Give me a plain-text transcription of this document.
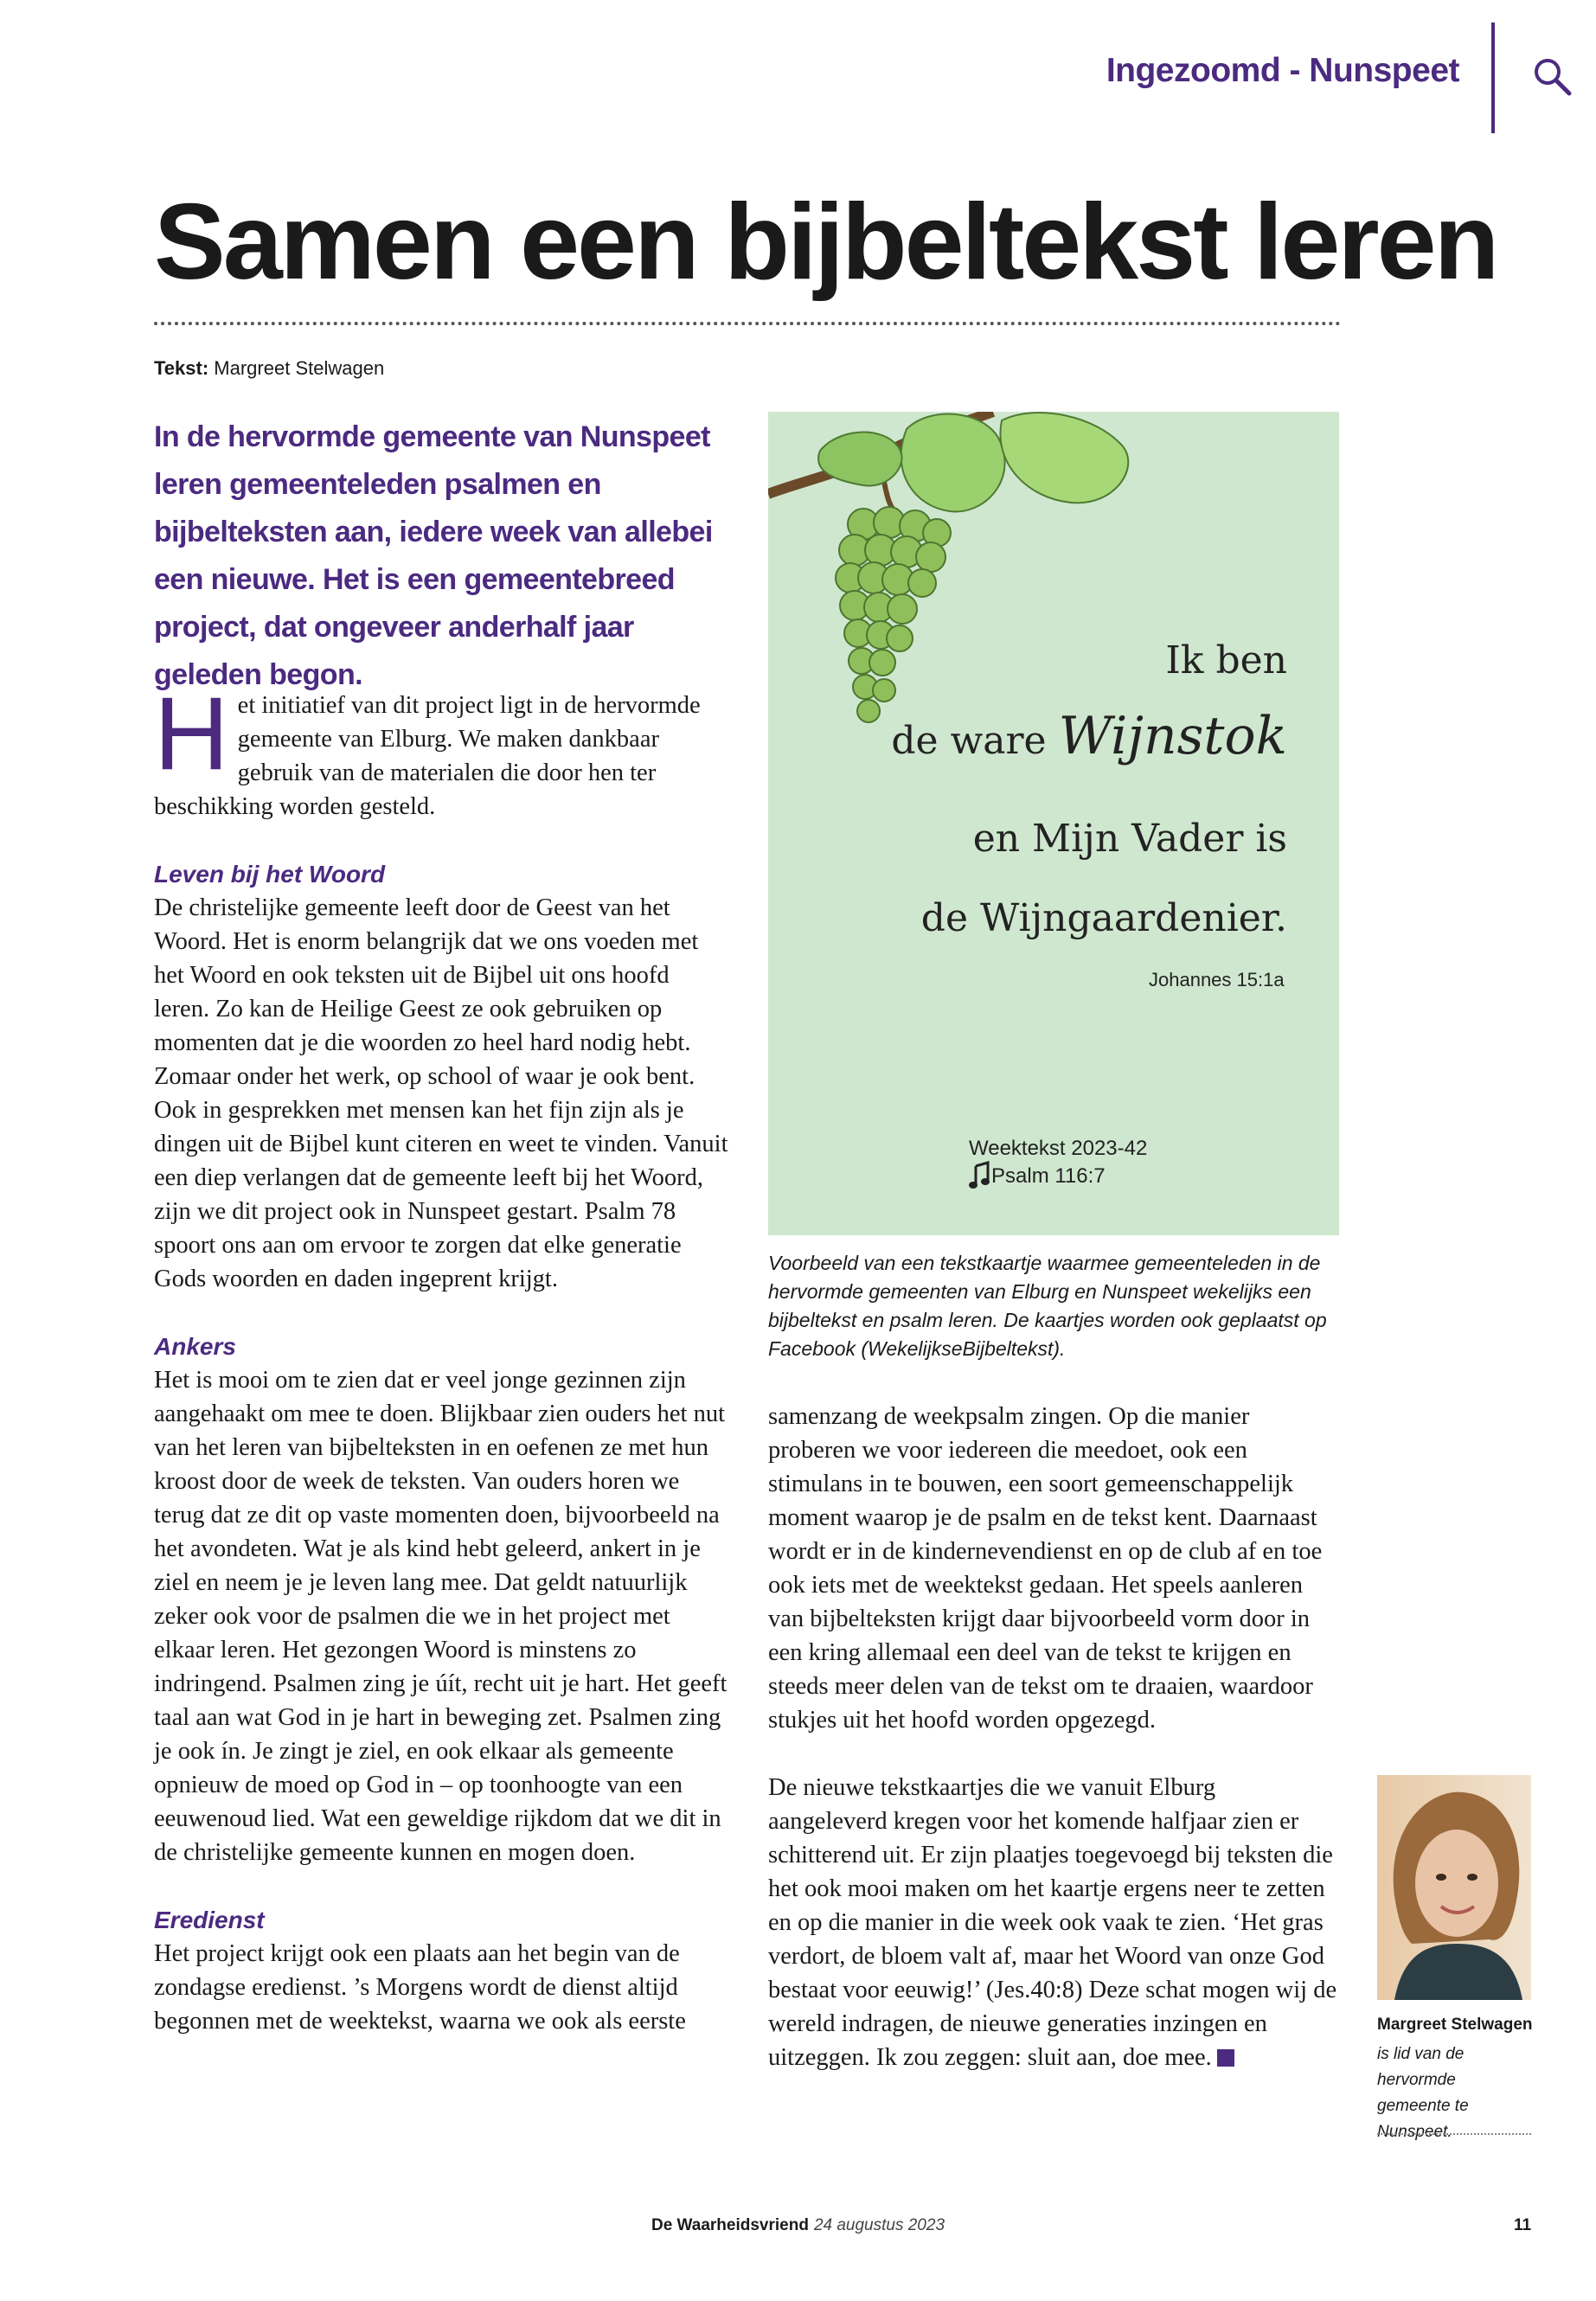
Ingezoomd - Nunspeet
Samen een bijbeltekst leren
Tekst: Margreet Stelwagen

In de hervormde gemeente van Nunspeet leren gemeenteleden psalmen en bijbelteksten aan, iedere week van allebei een nieuwe. Het is een gemeentebreed project, dat ongeveer anderhalf jaar geleden begon.

Het initiatief van dit project ligt in de hervormde gemeente van Elburg. We maken dankbaar gebruik van de materialen die door hen ter beschikking worden gesteld.

Leven bij het Woord

De christelijke gemeente leeft door de Geest van het Woord. Het is enorm belangrijk dat we ons voeden met het Woord en ook teksten uit de Bijbel uit ons hoofd leren. Zo kan de Heilige Geest ze ook gebruiken op momenten dat je die woorden zo heel hard nodig hebt. Zomaar onder het werk, op school of waar je ook bent.

Ook in gesprekken met mensen kan het fijn zijn als je dingen uit de Bijbel kunt citeren en weet te vinden. Vanuit een diep verlangen dat de gemeente leeft bij het Woord, zijn we dit project ook in Nunspeet gestart. Psalm 78 spoort ons aan om ervoor te zorgen dat elke generatie Gods woorden en daden ingeprent krijgt.

Ankers

Het is mooi om te zien dat er veel jonge gezinnen zijn aangehaakt om mee te doen. Blijkbaar zien ouders het nut van het leren van bijbelteksten in en oefenen ze met hun kroost door de week de teksten. Van ouders horen we terug dat ze dit op vaste momenten doen, bijvoorbeeld na het avondeten. Wat je als kind hebt geleerd, ankert in je ziel en neem je je leven lang mee. Dat geldt natuurlijk zeker ook voor de psalmen die we in het project met elkaar leren. Het gezongen Woord is minstens zo indringend. Psalmen zing je úít, recht uit je hart. Het geeft taal aan wat God in je hart in beweging zet. Psalmen zing je ook ín. Je zingt je ziel, en ook elkaar als gemeente opnieuw de moed op God in – op toonhoogte van een eeuwenoud lied. Wat een geweldige rijkdom dat we dit in de christelijke gemeente kunnen en mogen doen.

Eredienst

Het project krijgt ook een plaats aan het begin van de zondagse eredienst. ’s Morgens wordt de dienst altijd begonnen met de weektekst, waarna we ook als eerste

Ik ben
de ware Wijnstok
en Mijn Vader is
de Wijngaardenier.
Johannes 15:1a
Weektekst 2023-42
Psalm 116:7

Voorbeeld van een tekstkaartje waarmee gemeenteleden in de hervormde gemeenten van Elburg en Nunspeet wekelijks een bijbeltekst en psalm leren. De kaartjes worden ook geplaatst op Facebook (WekelijkseBijbeltekst).

samenzang de weekpsalm zingen. Op die manier proberen we voor iedereen die meedoet, ook een stimulans in te bouwen, een soort gemeenschappelijk moment waarop je de psalm en de tekst kent. Daarnaast wordt er in de kindernevendienst en op de club af en toe ook iets met de weektekst gedaan. Het speels aanleren van bijbelteksten krijgt daar bijvoorbeeld vorm door in een kring allemaal een deel van de tekst te krijgen en steeds meer delen van de tekst om te draaien, waardoor stukjes uit het hoofd worden opgezegd.

De nieuwe tekstkaartjes die we vanuit Elburg aangeleverd kregen voor het komende halfjaar zien er schitterend uit. Er zijn plaatjes toegevoegd bij teksten die het ook mooi maken om het kaartje ergens neer te zetten en op die manier in die week ook vaak te zien. ‘Het gras verdort, de bloem valt af, maar het Woord van onze God bestaat voor eeuwig!’ (Jes.40:8) Deze schat mogen wij de wereld indragen, de nieuwe generaties inzingen en uitzeggen. Ik zou zeggen: sluit aan, doe mee.

Margreet Stelwagen

is lid van de hervormde gemeente te Nunspeet.

De Waarheidsvriend 24 augustus 2023	11
